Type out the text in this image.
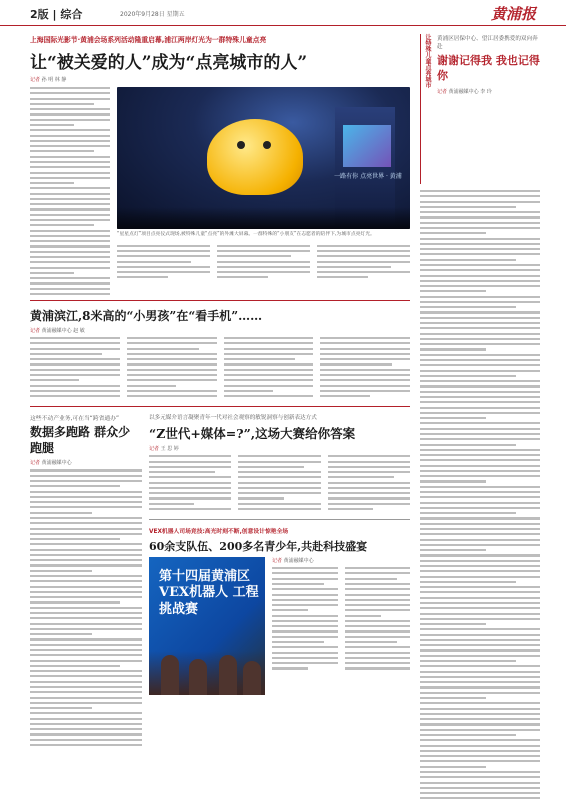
2版 | 综合	2020年9月28日 星期五	黄浦报
上海国际光影节·黄浦会场系列活动隆重启幕,浦江两岸灯光为一群特殊儿童点亮
让“被关爱的人”成为“点亮城市的人”
记者 孙 明 林 静
一路有你 点亮世界 · 黄浦
“星星点灯”项目点亮仪式现场,被特殊儿童“点亮”的外滩大屏幕。一群特殊的“小朋友”在志愿者的陪伴下,为城市点亮灯光。
黄浦滨江,8米高的“小男孩”在“看手机”……
记者 黄浦融媒中心 赵 敏
这些不动产业务,可在当“跨省通办”
数据多跑路 群众少跑腿
记者 黄浦融媒中心
以多元媒介语言凝聚青年一代对社会观察的敏锐洞察与创新表达方式
“Z世代+媒体=?”,这场大赛给你答案
记者 王 思 婷
VEX机器人司场竞技:高光时刻不断,创意设计惊艳全场
60余支队伍、200多名青少年,共赴科技盛宴
第十四届黄浦区 VEX机器人 工程挑战赛
记者 黄浦融媒中心
让特殊儿童点亮城市 黄浦区居保中心、望江居委携爱的双向奔赴
谢谢记得我 我也记得你
记者 黄浦融媒中心 李 玲
